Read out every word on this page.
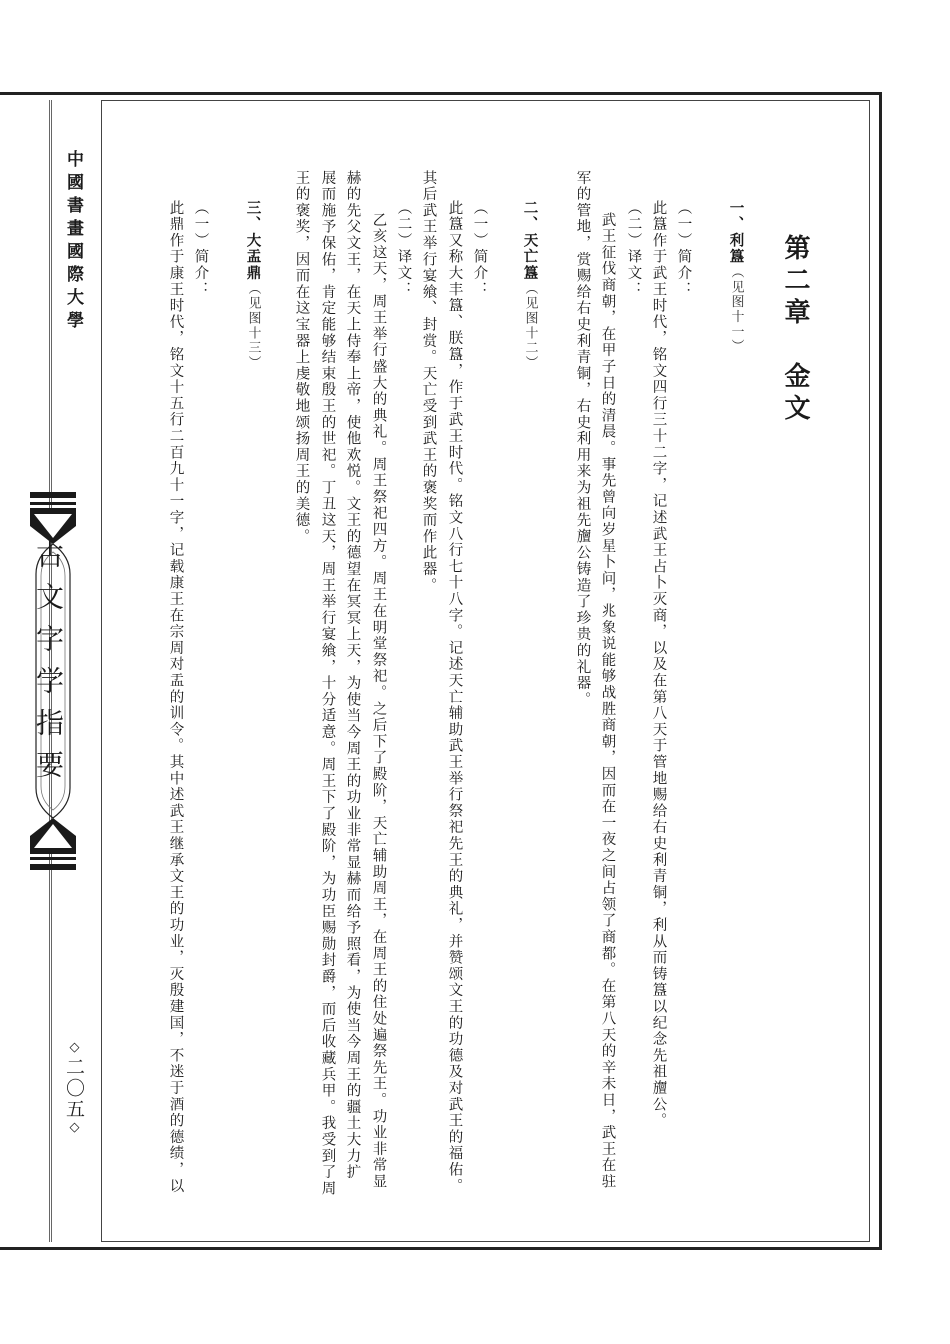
中國書畫國際大學
古文字学指要
◇二〇五◇
第二章　金文
一、利簋（见图十一）
（一）简介：
此簋作于武王时代，铭文四行三十二字，记述武王占卜灭商，以及在第八天于管地赐给右史利青铜，利从而铸簋以纪念先祖旜公。
（二）译文：
武王征伐商朝，在甲子日的清晨。事先曾向岁星卜问，兆象说能够战胜商朝，因而在一夜之间占领了商都。在第八天的辛未日，武王在驻
军的管地，赏赐给右史利青铜，右史利用来为祖先旜公铸造了珍贵的礼器。
二、天亡簋（见图十二）
（一）简介：
此簋又称大丰簋、朕簋，作于武王时代。铭文八行七十八字。记述天亡辅助武王举行祭祀先王的典礼，并赞颂文王的功德及对武王的福佑。
其后武王举行宴飨、封赏。天亡受到武王的褒奖而作此器。
（二）译文：
乙亥这天，周王举行盛大的典礼。周王祭祀四方。周王在明堂祭祀。之后下了殿阶，天亡辅助周王，在周王的住处遍祭先王。功业非常显
赫的先父文王，在天上侍奉上帝，使他欢悦。文王的德望在冥冥上天，为使当今周王的功业非常显赫而给予照看，为使当今周王的疆土大力扩
展而施予保佑，肯定能够结束殷王的世祀。丁丑这天，周王举行宴飨，十分适意。周王下了殿阶，为功臣赐勋封爵，而后收藏兵甲。我受到了周
王的褒奖，因而在这宝器上虔敬地颂扬周王的美德。
三、大盂鼎（见图十三）
（一）简介：
此鼎作于康王时代，铭文十五行二百九十一字，记载康王在宗周对盂的训令。其中述武王继承文王的功业，灭殷建国，不迷于酒的德绩，以
